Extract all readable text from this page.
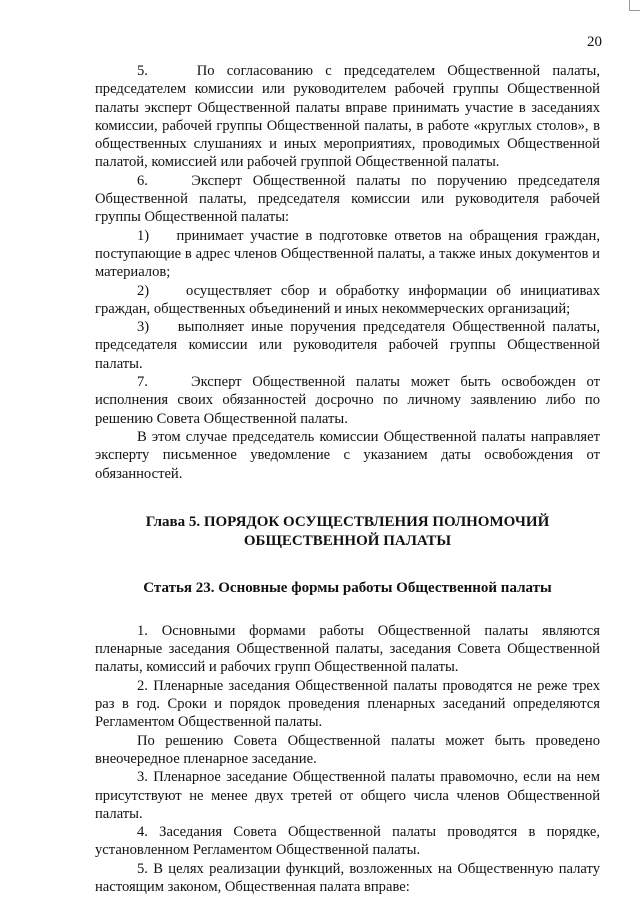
20

5.    По согласованию с председателем Общественной палаты, председателем комиссии или руководителем рабочей группы Общественной палаты эксперт Общественной палаты вправе принимать участие в заседаниях комиссии, рабочей группы Общественной палаты, в работе «круглых столов», в общественных слушаниях и иных мероприятиях, проводимых Общественной палатой, комиссией или рабочей группой Общественной палаты.

6.    Эксперт Общественной палаты по поручению председателя Общественной палаты, председателя комиссии или руководителя рабочей группы Общественной палаты:

1)    принимает участие в подготовке ответов на обращения граждан, поступающие в адрес членов Общественной палаты, а также иных документов и материалов;

2)    осуществляет сбор и обработку информации об инициативах граждан, общественных объединений и иных некоммерческих организаций;

3)    выполняет иные поручения председателя Общественной палаты, председателя комиссии или руководителя рабочей группы Общественной палаты.

7.    Эксперт Общественной палаты может быть освобожден от исполнения своих обязанностей досрочно по личному заявлению либо по решению Совета Общественной палаты.

В этом случае председатель комиссии Общественной палаты направляет эксперту письменное уведомление с указанием даты освобождения от обязанностей.

Глава 5. ПОРЯДОК ОСУЩЕСТВЛЕНИЯ ПОЛНОМОЧИЙ
ОБЩЕСТВЕННОЙ ПАЛАТЫ
Статья 23. Основные формы работы Общественной палаты

1. Основными формами работы Общественной палаты являются пленарные заседания Общественной палаты, заседания Совета Общественной палаты, комиссий и рабочих групп Общественной палаты.

2. Пленарные заседания Общественной палаты проводятся не реже трех раз в год. Сроки и порядок проведения пленарных заседаний определяются Регламентом Общественной палаты.

По решению Совета Общественной палаты может быть проведено внеочередное пленарное заседание.

3. Пленарное заседание Общественной палаты правомочно, если на нем присутствуют не менее двух третей от общего числа членов Общественной палаты.

4. Заседания Совета Общественной палаты проводятся в порядке, установленном Регламентом Общественной палаты.

5. В целях реализации функций, возложенных на Общественную палату настоящим законом, Общественная палата вправе:
